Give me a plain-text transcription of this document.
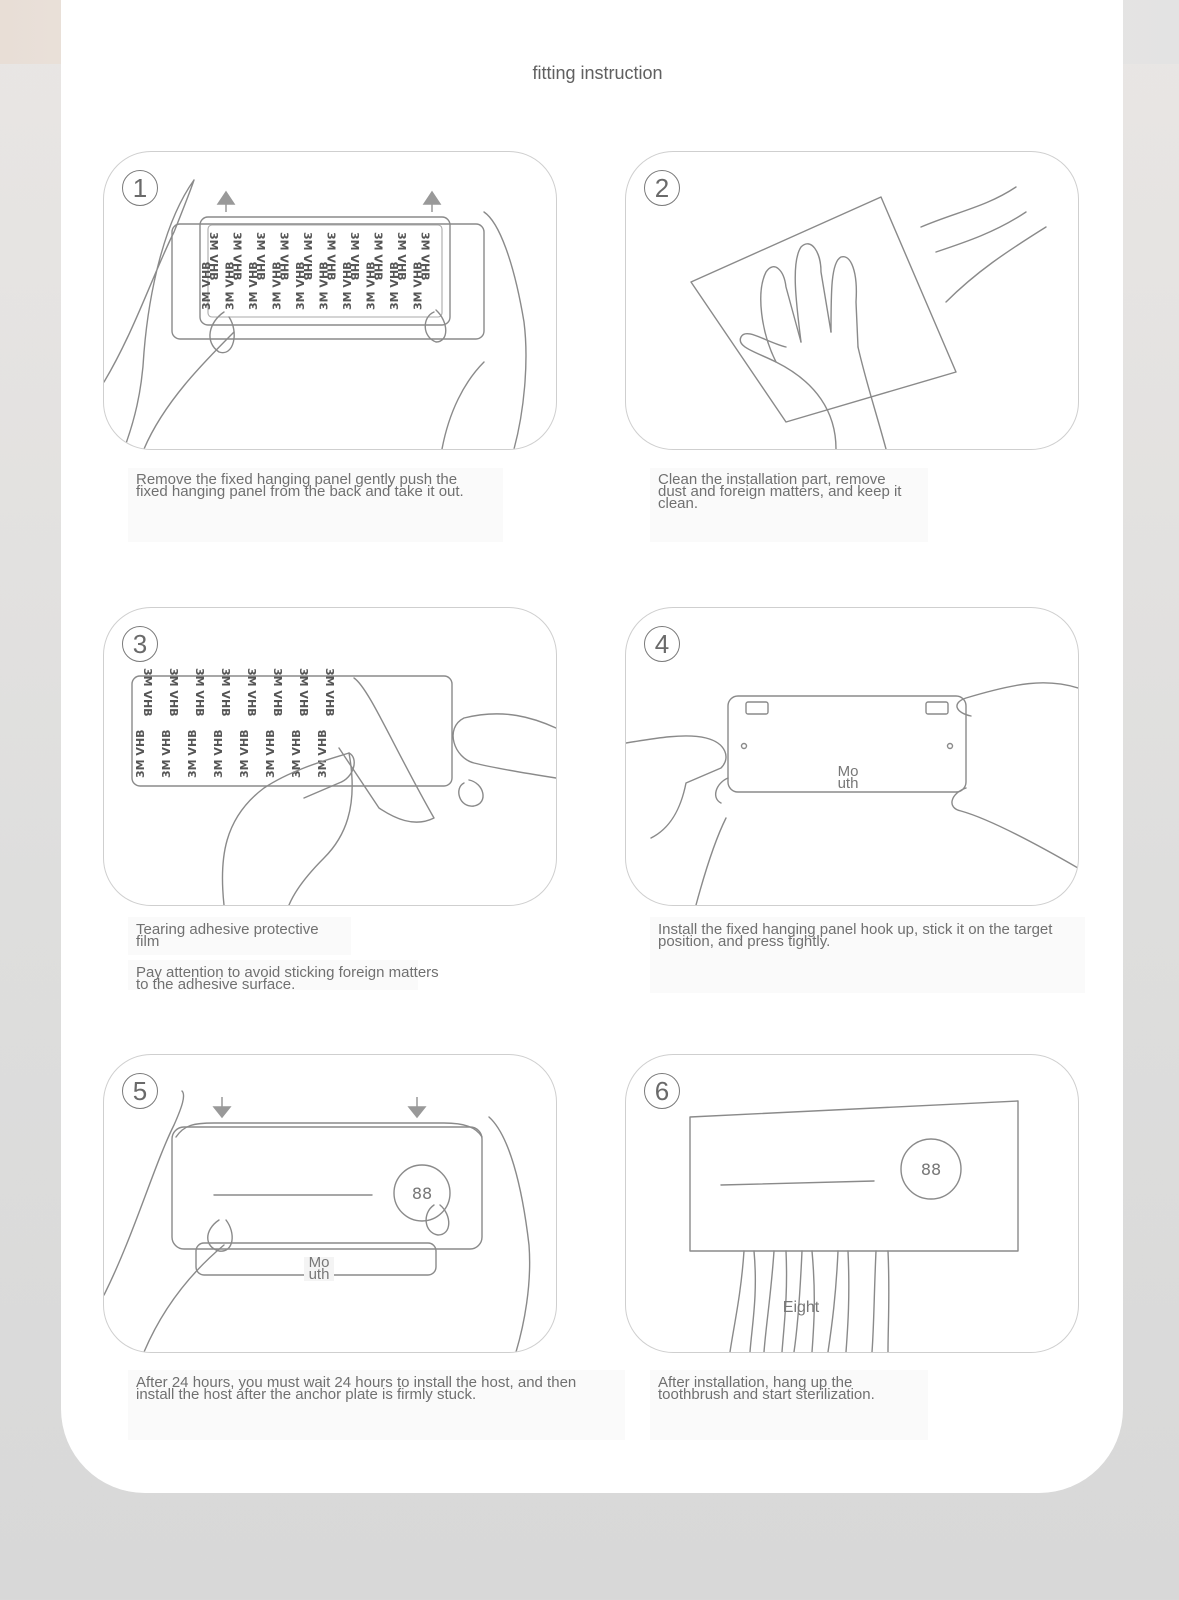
fitting instruction
3M VHB
3M VHB
3M VHB
3M VHB
3M VHB
3M VHB
3M VHB
3M VHB
3M VHB
3M VHB
3M VHB
3M VHB
3M VHB
3M VHB
3M VHB
3M VHB
3M VHB
3M VHB
3M VHB
3M VHB
1
Remove the fixed hanging panel gently push the
fixed hanging panel from the back and take it out.
2
Clean the installation part, remove
dust and foreign matters, and keep it
clean.
3M VHB
3M VHB
3M VHB
3M VHB
3M VHB
3M VHB
3M VHB
3M VHB
3M VHB
3M VHB
3M VHB
3M VHB
3M VHB
3M VHB
3M VHB
3M VHB
3
Tearing adhesive protective
film
Pay attention to avoid sticking foreign matters
to the adhesive surface.
4
Mo
uth
Install the fixed hanging panel hook up, stick it on the target
position, and press tightly.
88
5
Mo
uth
After 24 hours, you must wait 24 hours to install the host, and then
install the host after the anchor plate is firmly stuck.
88
6
Eight
After installation, hang up the
toothbrush and start sterilization.
